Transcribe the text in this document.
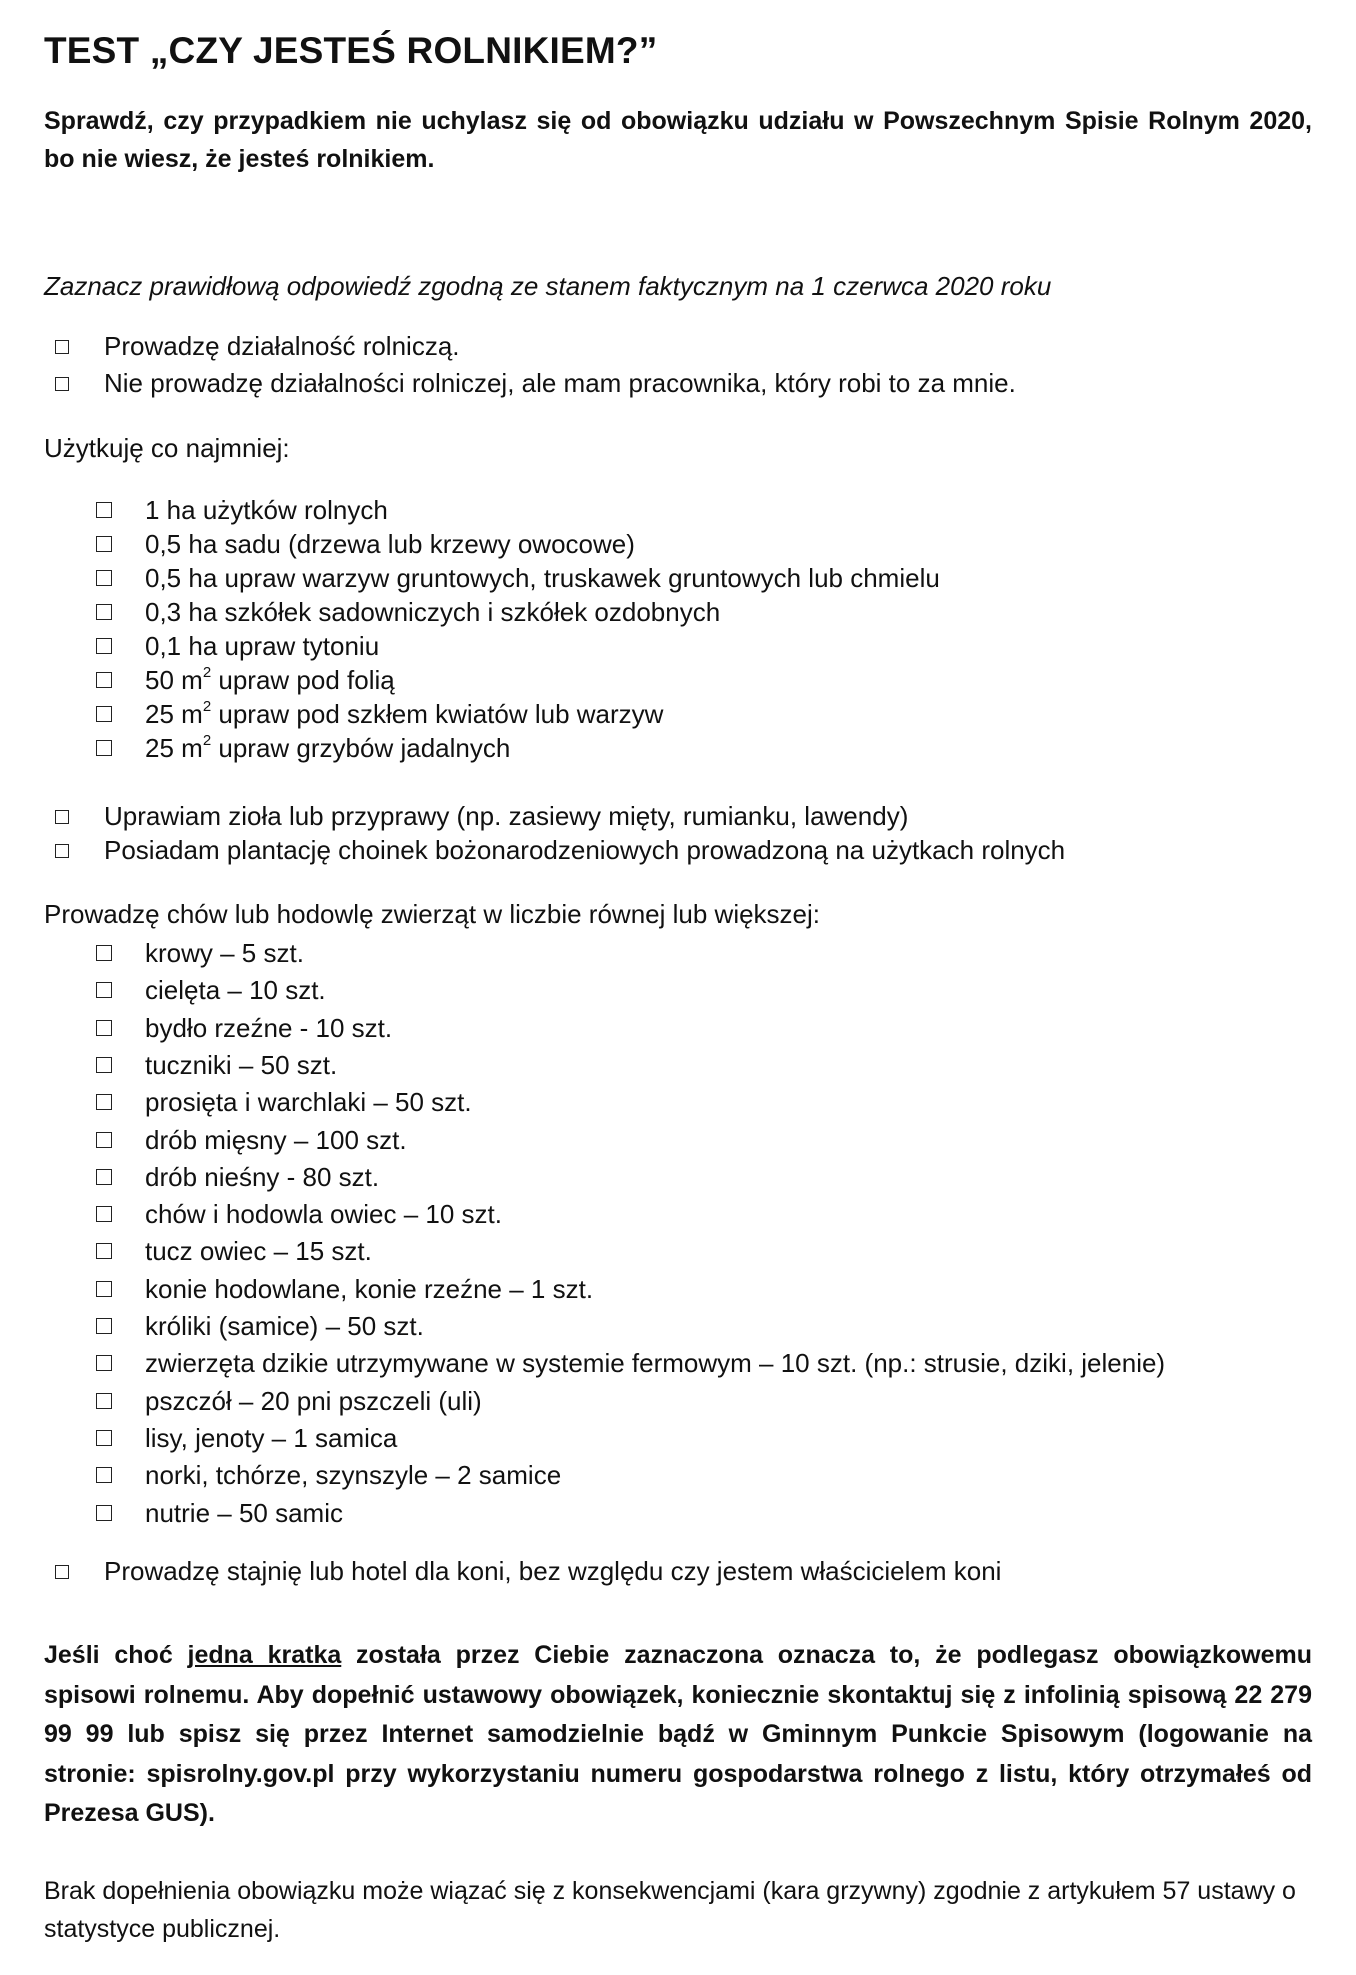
TEST „CZY JESTEŚ ROLNIKIEM?”
Sprawdź, czy przypadkiem nie uchylasz się od obowiązku udziału w Powszechnym Spisie Rolnym 2020, bo nie wiesz, że jesteś rolnikiem.
Zaznacz prawidłową odpowiedź zgodną ze stanem faktycznym na 1 czerwca 2020 roku
Prowadzę działalność rolniczą.
Nie prowadzę działalności rolniczej, ale mam pracownika, który robi to za mnie.
Użytkuję co najmniej:
1 ha użytków rolnych
0,5 ha sadu (drzewa lub krzewy owocowe)
0,5 ha upraw warzyw gruntowych, truskawek gruntowych lub chmielu
0,3 ha szkółek sadowniczych i szkółek ozdobnych
0,1 ha upraw tytoniu
50 $m^2$ upraw pod folią
25 $m^2$ upraw pod szkłem kwiatów lub warzyw
25 $m^2$ upraw grzybów jadalnych
Uprawiam zioła lub przyprawy (np. zasiewy mięty, rumianku, lawendy)
Posiadam plantację choinek bożonarodzeniowych prowadzoną na użytkach rolnych
Prowadzę chów lub hodowlę zwierząt w liczbie równej lub większej:
krowy – 5 szt.
cielęta – 10 szt.
bydło rzeźne - 10 szt.
tuczniki – 50 szt.
prosięta i warchlaki – 50 szt.
drób mięsny – 100 szt.
drób nieśny - 80 szt.
chów i hodowla owiec – 10 szt.
tucz owiec – 15 szt.
konie hodowlane, konie rzeźne – 1 szt.
króliki (samice) – 50 szt.
zwierzęta dzikie utrzymywane w systemie fermowym – 10 szt. (np.: strusie, dziki, jelenie)
pszczół – 20 pni pszczeli (uli)
lisy, jenoty – 1 samica
norki, tchórze, szynszyle – 2 samice
nutrie – 50 samic
Prowadzę stajnię lub hotel dla koni, bez względu czy jestem właścicielem koni
Jeśli choć jedna kratka została przez Ciebie zaznaczona oznacza to, że podlegasz obowiązkowemu spisowi rolnemu. Aby dopełnić ustawowy obowiązek, koniecznie skontaktuj się z infolinią spisową 22 279 99 99 lub spisz się przez Internet samodzielnie bądź w Gminnym Punkcie Spisowym (logowanie na stronie: spisrolny.gov.pl przy wykorzystaniu numeru gospodarstwa rolnego z listu, który otrzymałeś od Prezesa GUS).
Brak dopełnienia obowiązku może wiązać się z konsekwencjami (kara grzywny) zgodnie z artykułem 57 ustawy o statystyce publicznej.
